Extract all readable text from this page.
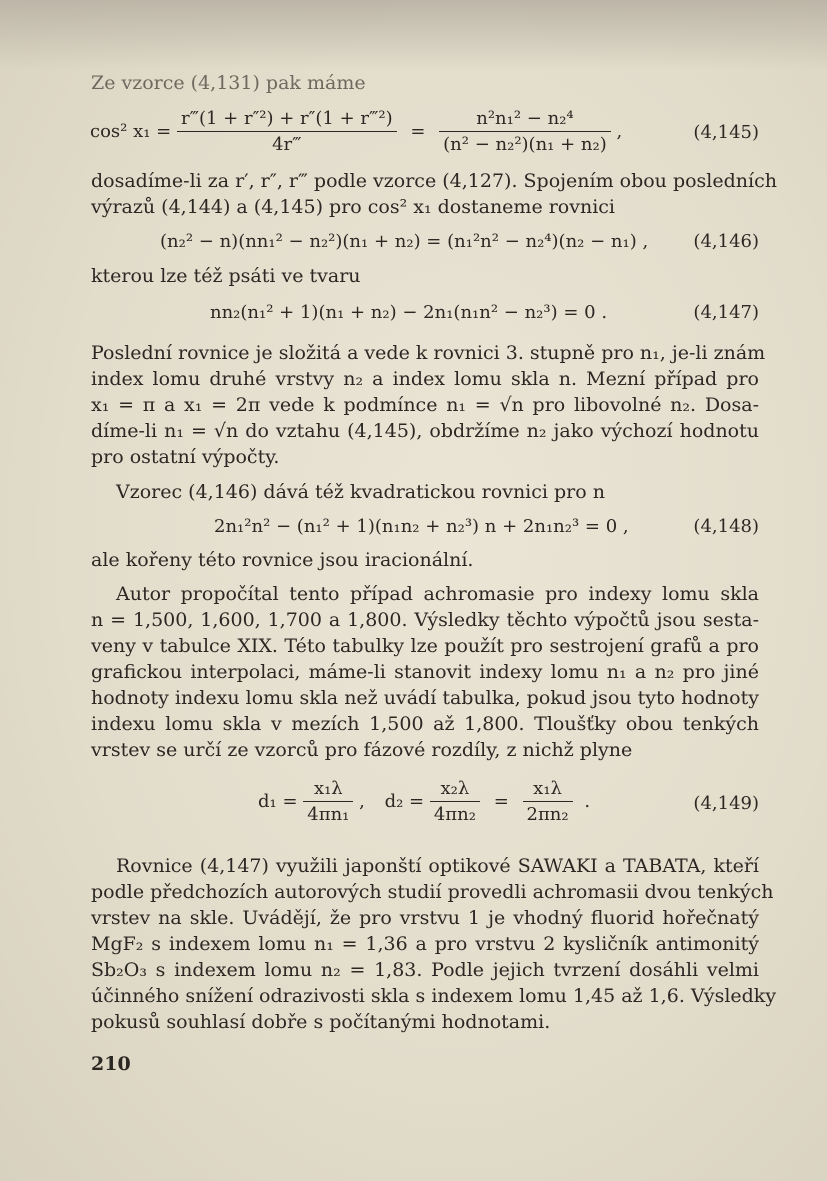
Ze vzorce (4,131) pak máme
cos² $x_1 = \frac{\text{r‴(1 + r″²) + r″(1 + r‴²)}}{4r‴} = \frac{\text{n²n₁² − n₂⁴}}{\text{(n² − n₂²)(n₁ + n₂)}}$ ,	(4,145)
dosadíme-li za r′, r″, r‴ podle vzorce (4,127). Spojením obou posledních
výrazů (4,144) a (4,145) pro cos² x₁ dostaneme rovnici
(n₂² − n)(nn₁² − n₂²)(n₁ + n₂) = (n₁²n² − n₂⁴)(n₂ − n₁) ,	(4,146)
kterou lze též psáti ve tvaru
nn₂(n₁² + 1)(n₁ + n₂) − 2n₁(n₁n² − n₂³) = 0 .	(4,147)
Poslední rovnice je složitá a vede k rovnici 3. stupně pro n₁, je-li znám
index lomu druhé vrstvy n₂ a index lomu skla n. Mezní případ pro
x₁ = π a x₁ = 2π vede k podmínce n₁ = √n pro libovolné n₂. Dosa-
díme-li n₁ = √n do vztahu (4,145), obdržíme n₂ jako výchozí hodnotu
pro ostatní výpočty.
Vzorec (4,146) dává též kvadratickou rovnici pro n
2n₁²n² − (n₁² + 1)(n₁n₂ + n₂³) n + 2n₁n₂³ = 0 ,	(4,148)
ale kořeny této rovnice jsou iracionální.
Autor propočítal tento případ achromasie pro indexy lomu skla
n = 1,500, 1,600, 1,700 a 1,800. Výsledky těchto výpočtů jsou sesta-
veny v tabulce XIX. Této tabulky lze použít pro sestrojení grafů a pro
grafickou interpolaci, máme-li stanovit indexy lomu n₁ a n₂ pro jiné
hodnoty indexu lomu skla než uvádí tabulka, pokud jsou tyto hodnoty
indexu lomu skla v mezích 1,500 až 1,800. Tloušťky obou tenkých
vrstev se určí ze vzorců pro fázové rozdíly, z nichž plyne
$d_1 = \frac{\text{x₁λ}}{\text{4πn₁}}$ , $d_2 = \frac{\text{x₂λ}}{\text{4πn₂}} = \frac{\text{x₁λ}}{\text{2πn₂}}$ .	(4,149)
Rovnice (4,147) využili japonští optikové SAWAKI a TABATA, kteří
podle předchozích autorových studií provedli achromasii dvou tenkých
vrstev na skle. Uvádějí, že pro vrstvu 1 je vhodný fluorid hořečnatý
MgF₂ s indexem lomu n₁ = 1,36 a pro vrstvu 2 kysličník antimonitý
Sb₂O₃ s indexem lomu n₂ = 1,83. Podle jejich tvrzení dosáhli velmi
účinného snížení odrazivosti skla s indexem lomu 1,45 až 1,6. Výsledky
pokusů souhlasí dobře s počítanými hodnotami.
210
